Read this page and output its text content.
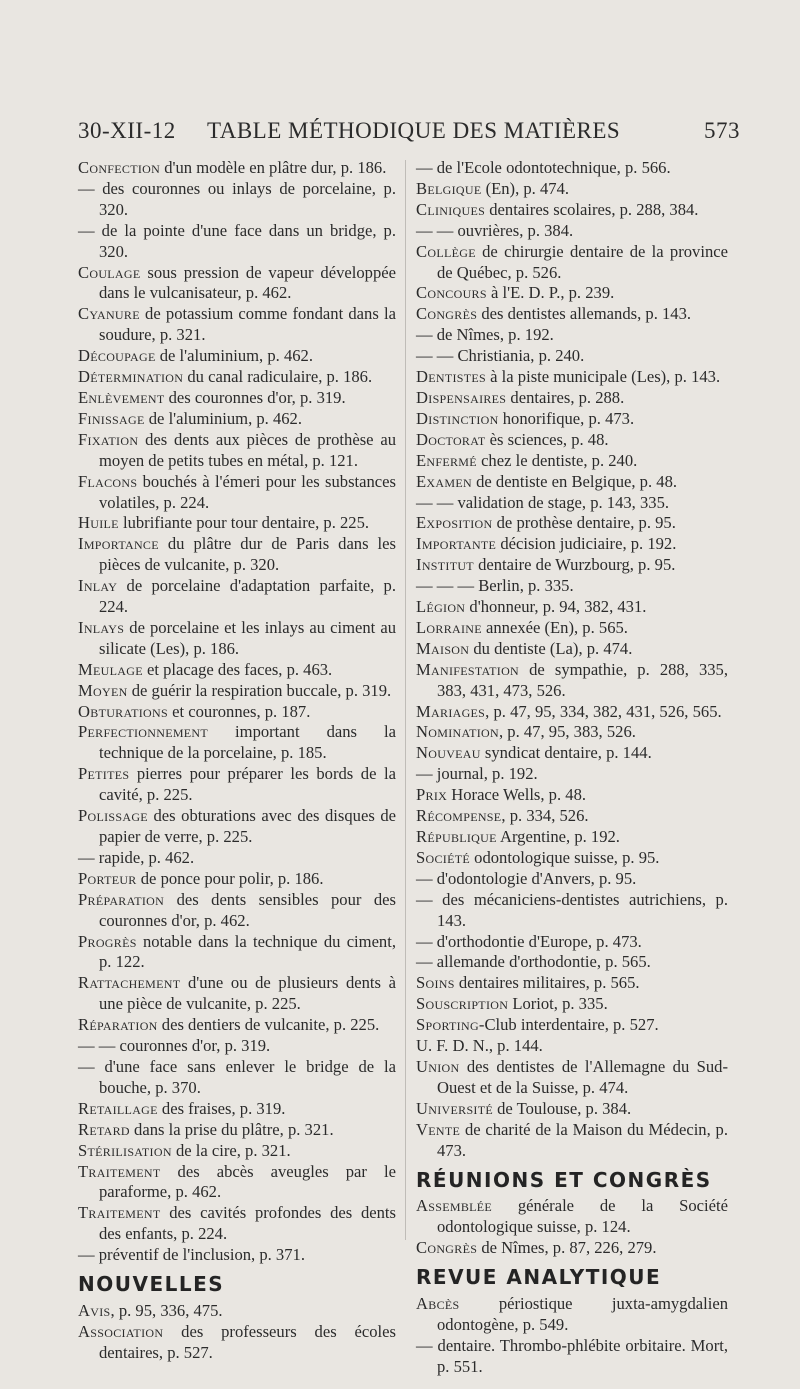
30-XII-12 TABLE MÉTHODIQUE DES MATIÈRES	573

Confection d'un modèle en plâtre dur, p. 186.

— des couronnes ou inlays de porcelaine, p. 320.

— de la pointe d'une face dans un bridge, p. 320.

Coulage sous pression de vapeur développée dans le vulcanisateur, p. 462.

Cyanure de potassium comme fondant dans la soudure, p. 321.

Découpage de l'aluminium, p. 462.

Détermination du canal radiculaire, p. 186.

Enlèvement des couronnes d'or, p. 319.

Finissage de l'aluminium, p. 462.

Fixation des dents aux pièces de prothèse au moyen de petits tubes en métal, p. 121.

Flacons bouchés à l'émeri pour les substances volatiles, p. 224.

Huile lubrifiante pour tour dentaire, p. 225.

Importance du plâtre dur de Paris dans les pièces de vulcanite, p. 320.

Inlay de porcelaine d'adaptation parfaite, p. 224.

Inlays de porcelaine et les inlays au ciment au silicate (Les), p. 186.

Meulage et placage des faces, p. 463.

Moyen de guérir la respiration buccale, p. 319.

Obturations et couronnes, p. 187.

Perfectionnement important dans la technique de la porcelaine, p. 185.

Petites pierres pour préparer les bords de la cavité, p. 225.

Polissage des obturations avec des disques de papier de verre, p. 225.

— rapide, p. 462.

Porteur de ponce pour polir, p. 186.

Préparation des dents sensibles pour des couronnes d'or, p. 462.

Progrès notable dans la technique du ciment, p. 122.

Rattachement d'une ou de plusieurs dents à une pièce de vulcanite, p. 225.

Réparation des dentiers de vulcanite, p. 225.

— — couronnes d'or, p. 319.

— d'une face sans enlever le bridge de la bouche, p. 370.

Retaillage des fraises, p. 319.

Retard dans la prise du plâtre, p. 321.

Stérilisation de la cire, p. 321.

Traitement des abcès aveugles par le paraforme, p. 462.

Traitement des cavités profondes des dents des enfants, p. 224.

— préventif de l'inclusion, p. 371.

NOUVELLES

Avis, p. 95, 336, 475.

Association des professeurs des écoles dentaires, p. 527.

— de l'Ecole odontotechnique, p. 566.

Belgique (En), p. 474.

Cliniques dentaires scolaires, p. 288, 384.

— — ouvrières, p. 384.

Collège de chirurgie dentaire de la province de Québec, p. 526.

Concours à l'E. D. P., p. 239.

Congrès des dentistes allemands, p. 143.

— de Nîmes, p. 192.

— — Christiania, p. 240.

Dentistes à la piste municipale (Les), p. 143.

Dispensaires dentaires, p. 288.

Distinction honorifique, p. 473.

Doctorat ès sciences, p. 48.

Enfermé chez le dentiste, p. 240.

Examen de dentiste en Belgique, p. 48.

— — validation de stage, p. 143, 335.

Exposition de prothèse dentaire, p. 95.

Importante décision judiciaire, p. 192.

Institut dentaire de Wurzbourg, p. 95.

— — — Berlin, p. 335.

Légion d'honneur, p. 94, 382, 431.

Lorraine annexée (En), p. 565.

Maison du dentiste (La), p. 474.

Manifestation de sympathie, p. 288, 335, 383, 431, 473, 526.

Mariages, p. 47, 95, 334, 382, 431, 526, 565.

Nomination, p. 47, 95, 383, 526.

Nouveau syndicat dentaire, p. 144.

— journal, p. 192.

Prix Horace Wells, p. 48.

Récompense, p. 334, 526.

République Argentine, p. 192.

Société odontologique suisse, p. 95.

— d'odontologie d'Anvers, p. 95.

— des mécaniciens-dentistes autrichiens, p. 143.

— d'orthodontie d'Europe, p. 473.

— allemande d'orthodontie, p. 565.

Soins dentaires militaires, p. 565.

Souscription Loriot, p. 335.

Sporting-Club interdentaire, p. 527.

U. F. D. N., p. 144.

Union des dentistes de l'Allemagne du Sud-Ouest et de la Suisse, p. 474.

Université de Toulouse, p. 384.

Vente de charité de la Maison du Médecin, p. 473.

RÉUNIONS ET CONGRÈS

Assemblée générale de la Société odontologique suisse, p. 124.

Congrès de Nîmes, p. 87, 226, 279.

REVUE ANALYTIQUE

Abcès périostique juxta-amygdalien odontogène, p. 549.

— dentaire. Thrombo-phlébite orbitaire. Mort, p. 551.
